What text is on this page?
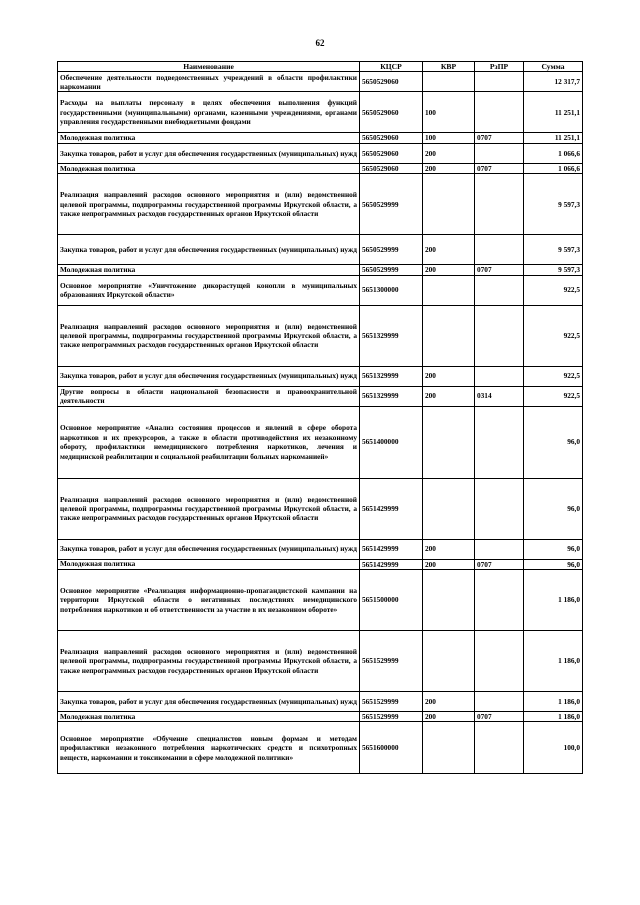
62
Наименование	КЦСР	КВР	РзПР	Сумма
Обеспечение деятельности подведомственных учреждений в области профилактики наркомании	5650529060			12 317,7
Расходы на выплаты персоналу в целях обеспечения выполнения функций государственными (муниципальными) органами, казенными учреждениями, органами управления государственными внебюджетными фондами	5650529060	100		11 251,1
Молодежная политика	5650529060	100	0707	11 251,1
Закупка товаров, работ и услуг для обеспечения государственных (муниципальных) нужд	5650529060	200		1 066,6
Молодежная политика	5650529060	200	0707	1 066,6
Реализация направлений расходов основного мероприятия и (или) ведомственной целевой программы, подпрограммы государственной программы Иркутской области, а также непрограммных расходов государственных органов Иркутской области	5650529999			9 597,3
Закупка товаров, работ и услуг для обеспечения государственных (муниципальных) нужд	5650529999	200		9 597,3
Молодежная политика	5650529999	200	0707	9 597,3
Основное мероприятие «Уничтожение дикорастущей конопли в муниципальных образованиях Иркутской области»	5651300000			922,5
Реализация направлений расходов основного мероприятия и (или) ведомственной целевой программы, подпрограммы государственной программы Иркутской области, а также непрограммных расходов государственных органов Иркутской области	5651329999			922,5
Закупка товаров, работ и услуг для обеспечения государственных (муниципальных) нужд	5651329999	200		922,5
Другие вопросы в области национальной безопасности и правоохранительной деятельности	5651329999	200	0314	922,5
Основное мероприятие «Анализ состояния процессов и явлений в сфере оборота наркотиков и их прекурсоров, а также в области противодействия их незаконному обороту, профилактики немедицинского потребления наркотиков, лечения и медицинской реабилитации и социальной реабилитации больных наркоманией»	5651400000			96,0
Реализация направлений расходов основного мероприятия и (или) ведомственной целевой программы, подпрограммы государственной программы Иркутской области, а также непрограммных расходов государственных органов Иркутской области	5651429999			96,0
Закупка товаров, работ и услуг для обеспечения государственных (муниципальных) нужд	5651429999	200		96,0
Молодежная политика	5651429999	200	0707	96,0
Основное мероприятие «Реализация информационно-пропагандистской кампании на территории Иркутской области о негативных последствиях немедицинского потребления наркотиков и об ответственности за участие в их незаконном обороте»	5651500000			1 186,0
Реализация направлений расходов основного мероприятия и (или) ведомственной целевой программы, подпрограммы государственной программы Иркутской области, а также непрограммных расходов государственных органов Иркутской области	5651529999			1 186,0
Закупка товаров, работ и услуг для обеспечения государственных (муниципальных) нужд	5651529999	200		1 186,0
Молодежная политика	5651529999	200	0707	1 186,0
Основное мероприятие «Обучение специалистов новым формам и методам профилактики незаконного потребления наркотических средств и психотропных веществ, наркомании и токсикомании в сфере молодежной политики»	5651600000			100,0
